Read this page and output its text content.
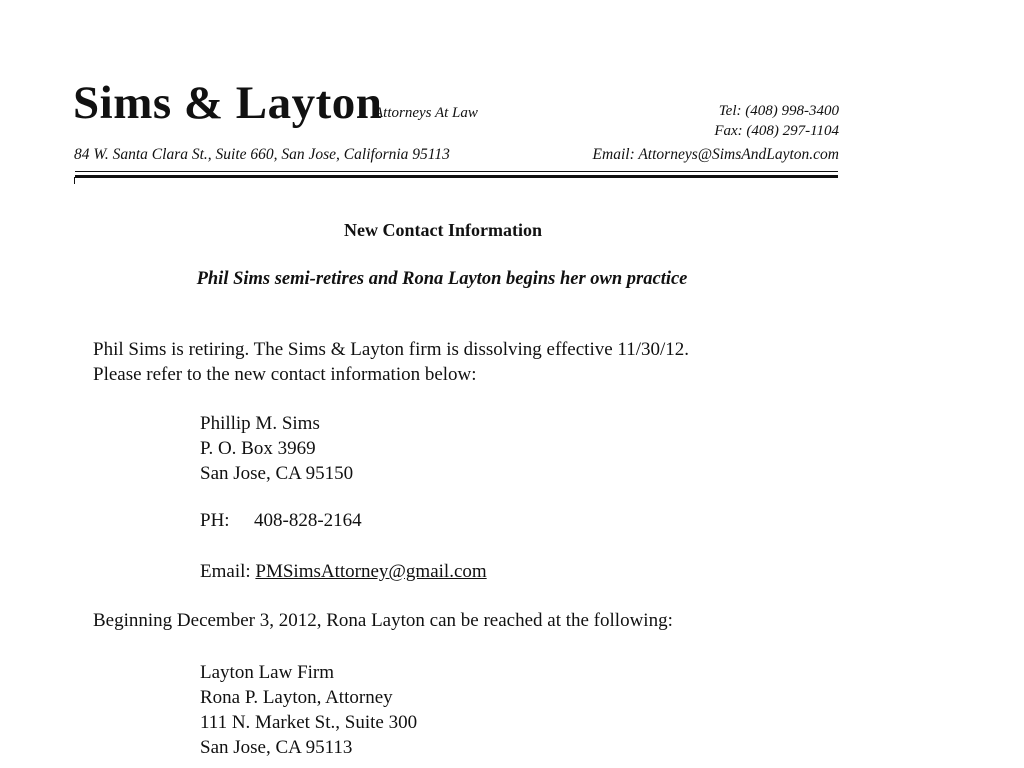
Sims & Layton
Attorneys At Law	Tel: (408) 998-3400
Fax: (408) 297-1104
84 W. Santa Clara St., Suite 660, San Jose, California 95113	Email: Attorneys@SimsAndLayton.com
New Contact Information
Phil Sims semi-retires and Rona Layton begins her own practice
Phil Sims is retiring. The Sims & Layton firm is dissolving effective 11/30/12.
Please refer to the new contact information below:
Phillip M. Sims
P. O. Box 3969
San Jose, CA 95150
PH: 408-828-2164
Email: PMSimsAttorney@gmail.com
Beginning December 3, 2012, Rona Layton can be reached at the following:
Layton Law Firm
Rona P. Layton, Attorney
111 N. Market St., Suite 300
San Jose, CA 95113
